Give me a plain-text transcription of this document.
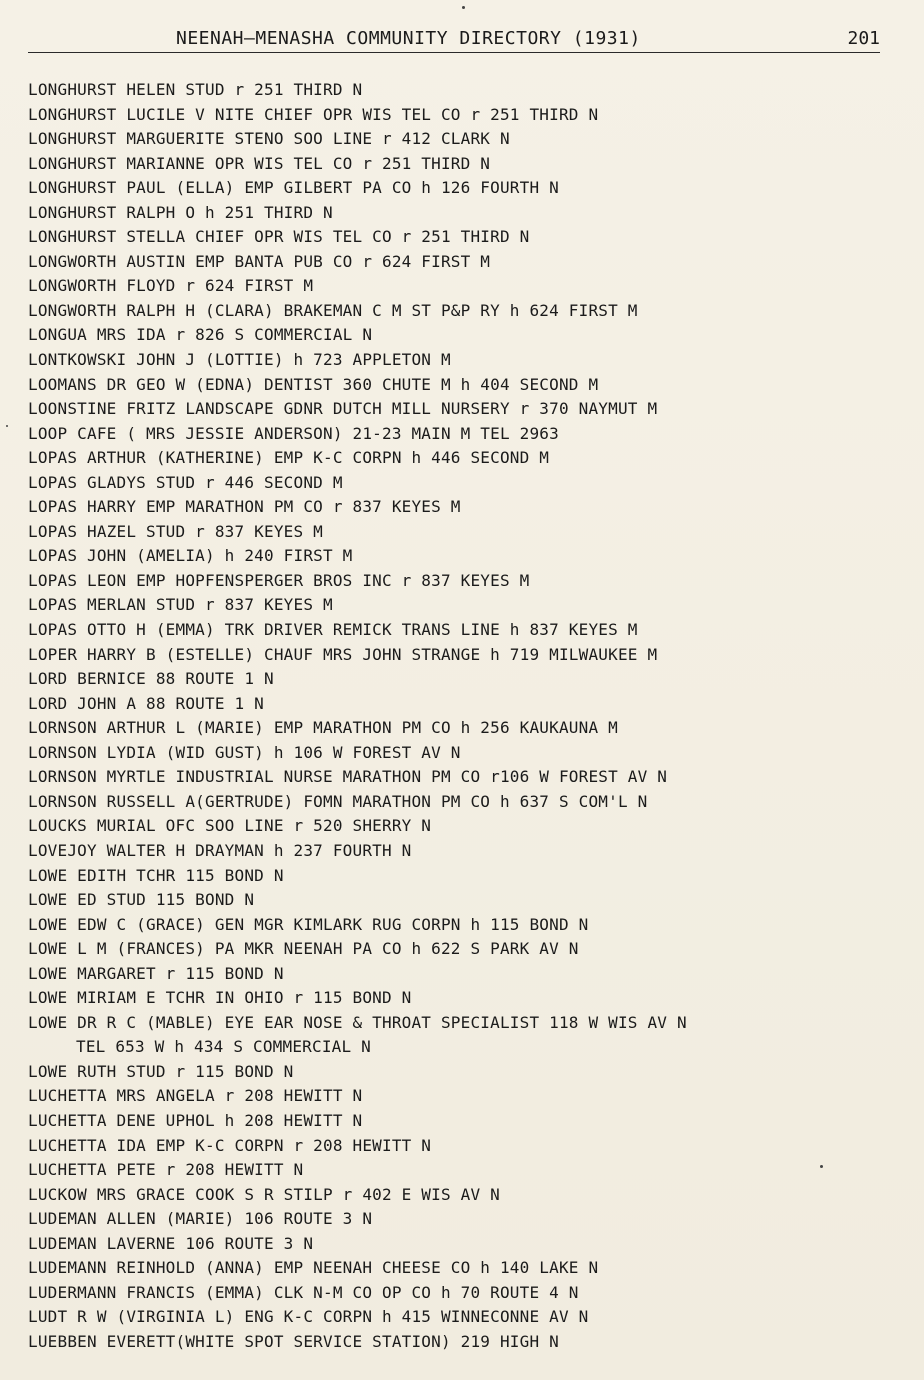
NEENAH–MENASHA COMMUNITY DIRECTORY (1931)	201
LONGHURST HELEN STUD r 251 THIRD N
LONGHURST LUCILE V NITE CHIEF OPR WIS TEL CO r 251 THIRD N
LONGHURST MARGUERITE STENO SOO LINE r 412 CLARK N
LONGHURST MARIANNE OPR WIS TEL CO r 251 THIRD N
LONGHURST PAUL (ELLA) EMP GILBERT PA CO h 126 FOURTH N
LONGHURST RALPH O h 251 THIRD N
LONGHURST STELLA CHIEF OPR WIS TEL CO r 251 THIRD N
LONGWORTH AUSTIN EMP BANTA PUB CO r 624 FIRST M
LONGWORTH FLOYD r 624 FIRST M
LONGWORTH RALPH H (CLARA) BRAKEMAN C M ST P&P RY h 624 FIRST M
LONGUA MRS IDA r 826 S COMMERCIAL N
LONTKOWSKI JOHN J (LOTTIE) h 723 APPLETON M
LOOMANS DR GEO W (EDNA) DENTIST 360 CHUTE M h 404 SECOND M
LOONSTINE FRITZ LANDSCAPE GDNR DUTCH MILL NURSERY r 370 NAYMUT M
LOOP CAFE ( MRS JESSIE ANDERSON) 21-23 MAIN M TEL 2963
LOPAS ARTHUR (KATHERINE) EMP K-C CORPN h 446 SECOND M
LOPAS GLADYS STUD r 446 SECOND M
LOPAS HARRY EMP MARATHON PM CO r 837 KEYES M
LOPAS HAZEL STUD r 837 KEYES M
LOPAS JOHN (AMELIA) h 240 FIRST M
LOPAS LEON EMP HOPFENSPERGER BROS INC r 837 KEYES M
LOPAS MERLAN STUD r 837 KEYES M
LOPAS OTTO H (EMMA) TRK DRIVER REMICK TRANS LINE h 837 KEYES M
LOPER HARRY B (ESTELLE) CHAUF MRS JOHN STRANGE h 719 MILWAUKEE M
LORD BERNICE 88 ROUTE 1 N
LORD JOHN A 88 ROUTE 1 N
LORNSON ARTHUR L (MARIE) EMP MARATHON PM CO h 256 KAUKAUNA M
LORNSON LYDIA (WID GUST) h 106 W FOREST AV N
LORNSON MYRTLE INDUSTRIAL NURSE MARATHON PM CO r106 W FOREST AV N
LORNSON RUSSELL A(GERTRUDE) FOMN MARATHON PM CO h 637 S COM'L N
LOUCKS MURIAL OFC SOO LINE r 520 SHERRY N
LOVEJOY WALTER H DRAYMAN h 237 FOURTH N
LOWE EDITH TCHR 115 BOND N
LOWE ED STUD 115 BOND N
LOWE EDW C (GRACE) GEN MGR KIMLARK RUG CORPN h 115 BOND N
LOWE L M (FRANCES) PA MKR NEENAH PA CO h 622 S PARK AV N
LOWE MARGARET r 115 BOND N
LOWE MIRIAM E TCHR IN OHIO r 115 BOND N
LOWE DR R C (MABLE) EYE EAR NOSE & THROAT SPECIALIST 118 W WIS AV N
TEL 653 W h 434 S COMMERCIAL N
LOWE RUTH STUD r 115 BOND N
LUCHETTA MRS ANGELA r 208 HEWITT N
LUCHETTA DENE UPHOL h 208 HEWITT N
LUCHETTA IDA EMP K-C CORPN r 208 HEWITT N
LUCHETTA PETE r 208 HEWITT N
LUCKOW MRS GRACE COOK S R STILP r 402 E WIS AV N
LUDEMAN ALLEN (MARIE) 106 ROUTE 3 N
LUDEMAN LAVERNE 106 ROUTE 3 N
LUDEMANN REINHOLD (ANNA) EMP NEENAH CHEESE CO h 140 LAKE N
LUDERMANN FRANCIS (EMMA) CLK N-M CO OP CO h 70 ROUTE 4 N
LUDT R W (VIRGINIA L) ENG K-C CORPN h 415 WINNECONNE AV N
LUEBBEN EVERETT(WHITE SPOT SERVICE STATION) 219 HIGH N
